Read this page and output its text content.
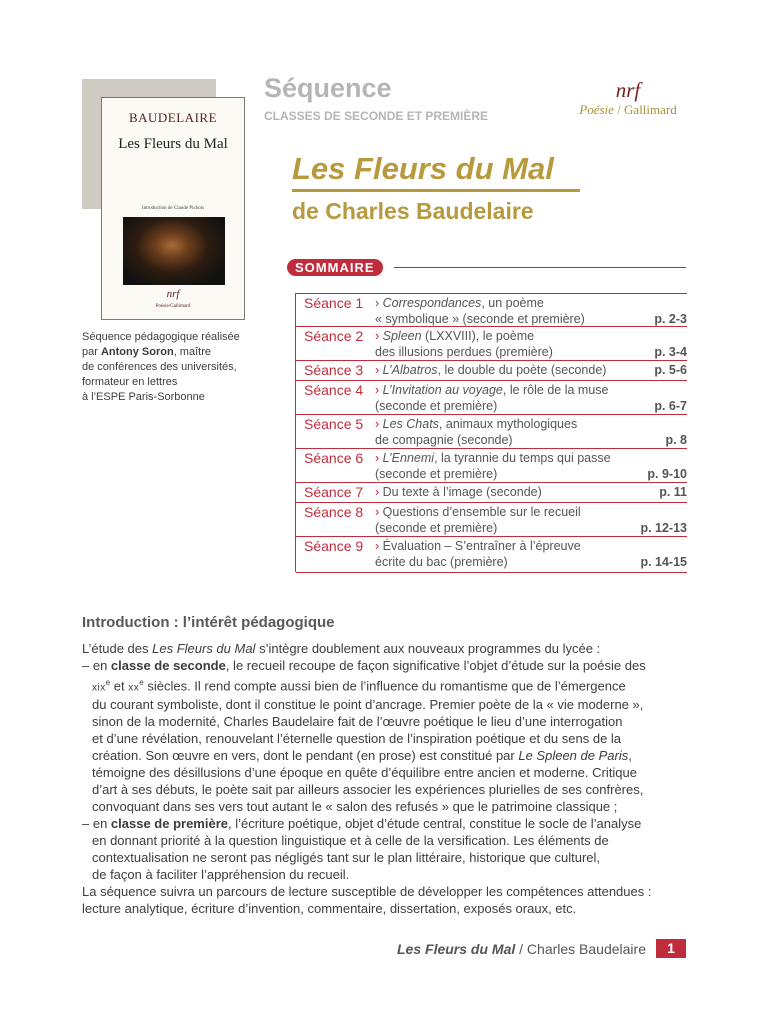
BAUDELAIRE
Les Fleurs du Mal
Introduction de Claude Pichois
nrf
Poésie/Gallimard
Séquence pédagogique réalisée
par Antony Soron, maître
de conférences des universités,
formateur en lettres
à l’ESPE Paris-Sorbonne
Séquence
CLASSES DE SECONDE ET PREMIÈRE
nrf
Poésie / Gallimard
Les Fleurs du Mal
de Charles Baudelaire
SOMMAIRE
Séance 1 › Correspondances, un poème
« symbolique » (seconde et première)	p. 2-3
Séance 2 › Spleen (LXXVIII), le poème
des illusions perdues (première)	p. 3-4
Séance 3 › L’Albatros, le double du poète (seconde)	p. 5-6
Séance 4 › L’Invitation au voyage, le rôle de la muse
(seconde et première)	p. 6-7
Séance 5 › Les Chats, animaux mythologiques
de compagnie (seconde)	p. 8
Séance 6 › L’Ennemi, la tyrannie du temps qui passe
(seconde et première)	p. 9-10
Séance 7 › Du texte à l’image (seconde)	p. 11
Séance 8 › Questions d’ensemble sur le recueil
(seconde et première)	p. 12-13
Séance 9 › Évaluation – S’entraîner à l’épreuve
écrite du bac (première)	p. 14-15
Introduction : l’intérêt pédagogique

L’étude des Les Fleurs du Mal s’intègre doublement aux nouveaux programmes du lycée :

– en classe de seconde, le recueil recoupe de façon significative l’objet d’étude sur la poésie des

xix$^e$ et $xx^e$ siècles. Il rend compte aussi bien de l’influence du romantisme que de l’émergence

du courant symboliste, dont il constitue le point d’ancrage. Premier poète de la « vie moderne »,

sinon de la modernité, Charles Baudelaire fait de l’œuvre poétique le lieu d’une interrogation

et d’une révélation, renouvelant l’éternelle question de l’inspiration poétique et du sens de la

création. Son œuvre en vers, dont le pendant (en prose) est constitué par Le Spleen de Paris,

témoigne des désillusions d’une époque en quête d’équilibre entre ancien et moderne. Critique

d’art à ses débuts, le poète sait par ailleurs associer les expériences plurielles de ses confrères,

convoquant dans ses vers tout autant le « salon des refusés » que le patrimoine classique ;

– en classe de première, l’écriture poétique, objet d’étude central, constitue le socle de l’analyse

en donnant priorité à la question linguistique et à celle de la versification. Les éléments de

contextualisation ne seront pas négligés tant sur le plan littéraire, historique que culturel,

de façon à faciliter l’appréhension du recueil.

La séquence suivra un parcours de lecture susceptible de développer les compétences attendues :

lecture analytique, écriture d’invention, commentaire, dissertation, exposés oraux, etc.

Les Fleurs du Mal / Charles Baudelaire	1
